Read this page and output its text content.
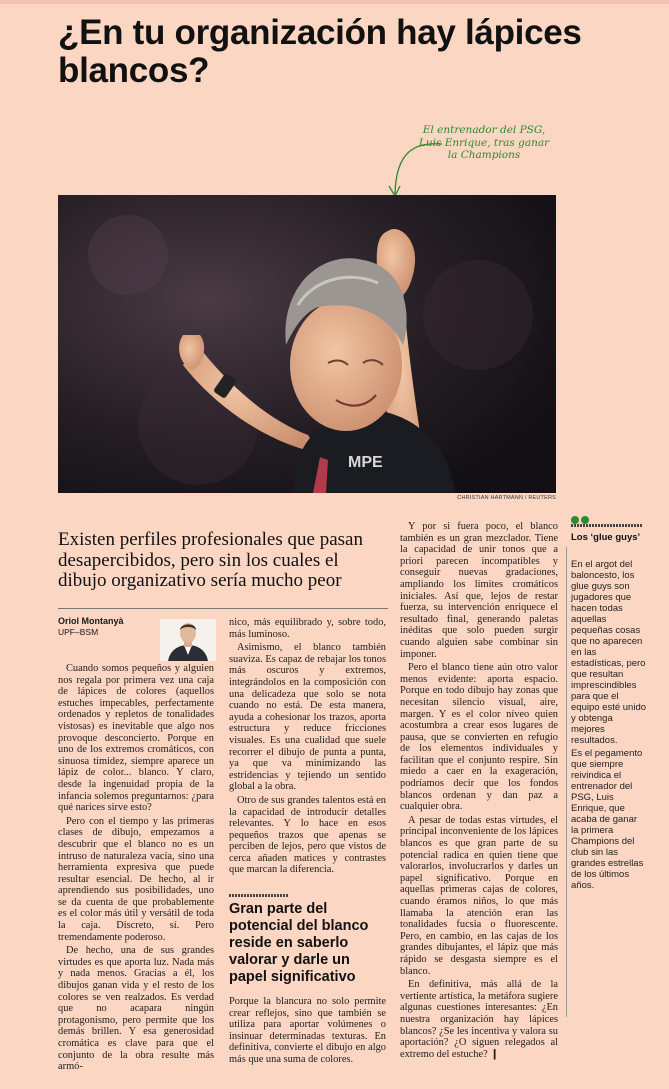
¿En tu organización hay lápices blancos?
El entrenador del PSG, Luis Enrique, tras ganar la Champions
MPE
CHRISTIAN HARTMANN / REUTERS
Existen perfiles profesionales que pasan desapercibidos, pero sin los cuales el dibujo organizativo sería mucho peor
Oriol Montanyà
UPF–BSM

Cuando somos pequeños y alguien nos regala por primera vez una caja de lápices de colores (aquellos estuches impecables, perfectamente ordenados y repletos de tonalidades vistosas) es inevitable que algo nos provoque desconcierto. Porque en uno de los extremos cromáticos, con sinuosa timidez, siempre aparece un lápiz de color... blanco. Y claro, desde la ingenuidad propia de la infancia solemos preguntarnos: ¿para qué narices sirve esto?

Pero con el tiempo y las primeras clases de dibujo, empezamos a descubrir que el blanco no es un intruso de naturaleza vacía, sino una herramienta expresiva que puede resultar esencial. De hecho, al ir aprendiendo sus posibilidades, uno se da cuenta de que probablemente es el color más útil y versátil de toda la caja. Discreto, sí. Pero tremendamente poderoso.

De hecho, una de sus grandes virtudes es que aporta luz. Nada más y nada menos. Gracias a él, los dibujos ganan vida y el resto de los colores se ven realzados. Es verdad que no acapara ningún protagonismo, pero permite que los demás brillen. Y esa generosidad cromática es clave para que el conjunto de la obra resulte más armó-

nico, más equilibrado y, sobre todo, más luminoso.

Asimismo, el blanco también suaviza. Es capaz de rebajar los tonos más oscuros y extremos, integrándolos en la composición con una delicadeza que solo se nota cuando no está. De esta manera, ayuda a cohesionar los trazos, aporta estructura y reduce fricciones visuales. Es una cualidad que suele recorrer el dibujo de punta a punta, ya que va minimizando las estridencias y tejiendo un sentido global a la obra.

Otro de sus grandes talentos está en la capacidad de introducir detalles relevantes. Y lo hace en esos pequeños trazos que apenas se perciben de lejos, pero que vistos de cerca añaden matices y contrastes que marcan la diferencia.

Gran parte del potencial del blanco reside en saberlo valorar y darle un papel significativo

Porque la blancura no solo permite crear reflejos, sino que también se utiliza para aportar volúmenes o insinuar determinadas texturas. En definitiva, convierte el dibujo en algo más que una suma de colores.

Y por si fuera poco, el blanco también es un gran mezclador. Tiene la capacidad de unir tonos que a priori parecen incompatibles y conseguir nuevas gradaciones, ampliando los límites cromáticos iniciales. Así que, lejos de restar fuerza, su intervención enriquece el resultado final, generando paletas inéditas que solo pueden surgir cuando alguien sabe combinar sin imponer.

Pero el blanco tiene aún otro valor menos evidente: aporta espacio. Porque en todo dibujo hay zonas que necesitan silencio visual, aire, margen. Y es el color níveo quien acostumbra a crear esos lugares de pausa, que se convierten en refugio de los elementos individuales y facilitan que el conjunto respire. Sin miedo a caer en la exageración, podríamos decir que los fondos blancos ordenan y dan paz a cualquier obra.

A pesar de todas estas virtudes, el principal inconveniente de los lápices blancos es que gran parte de su potencial radica en quien tiene que valorarlos, involucrarlos y darles un papel significativo. Porque en aquellas primeras cajas de colores, cuando éramos niños, lo que más llamaba la atención eran las tonalidades fucsia o fluorescente. Pero, en cambio, en las cajas de los grandes dibujantes, el lápiz que más rápido se desgasta siempre es el blanco.

En definitiva, más allá de la vertiente artística, la metáfora sugiere algunas cuestiones interesantes: ¿En nuestra organización hay lápices blancos? ¿Se les incentiva y valora su aportación? ¿O siguen relegados al extremo del estuche? ❙

Los ‘glue guys’

En el argot del baloncesto, los glue guys son jugadores que hacen todas aquellas pequeñas cosas que no aparecen en las estadísticas, pero que resultan imprescindibles para que el equipo esté unido y obtenga mejores resultados.

Es el pegamento que siempre reivindica el entrenador del PSG, Luis Enrique, que acaba de ganar la primera Champions del club sin las grandes estrellas de los últimos años.
